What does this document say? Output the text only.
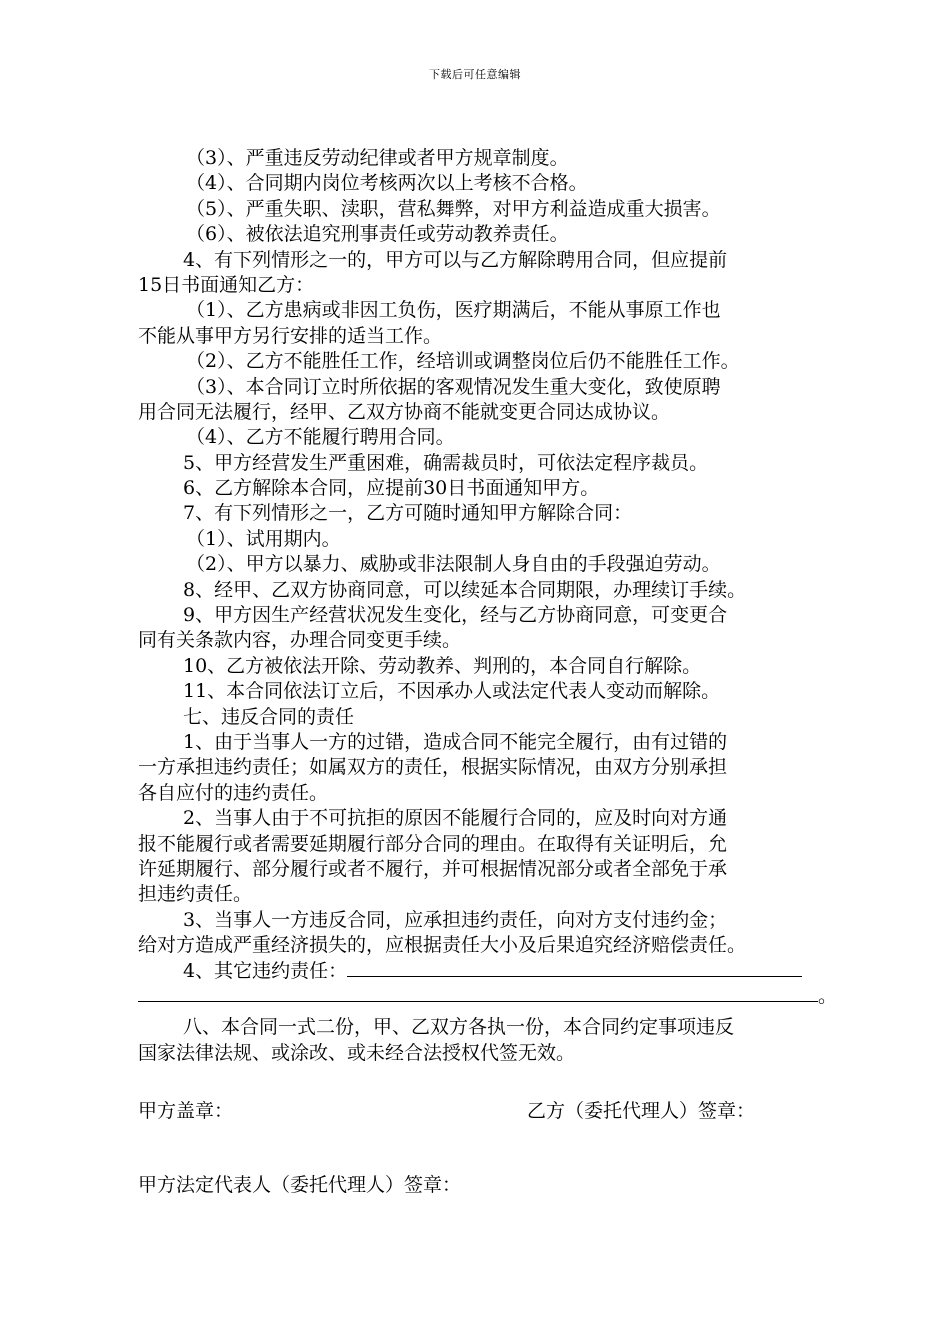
下载后可任意编辑
（3）、严重违反劳动纪律或者甲方规章制度。
（4）、合同期内岗位考核两次以上考核不合格。
（5）、严重失职、渎职，营私舞弊，对甲方利益造成重大损害。
（6）、被依法追究刑事责任或劳动教养责任。
4、有下列情形之一的，甲方可以与乙方解除聘用合同，但应提前
15日书面通知乙方：
（1）、乙方患病或非因工负伤，医疗期满后，不能从事原工作也
不能从事甲方另行安排的适当工作。
（2）、乙方不能胜任工作，经培训或调整岗位后仍不能胜任工作。
（3）、本合同订立时所依据的客观情况发生重大变化，致使原聘
用合同无法履行，经甲、乙双方协商不能就变更合同达成协议。
（4）、乙方不能履行聘用合同。
5、甲方经营发生严重困难，确需裁员时，可依法定程序裁员。
6、乙方解除本合同，应提前30日书面通知甲方。
7、有下列情形之一，乙方可随时通知甲方解除合同：
（1）、试用期内。
（2）、甲方以暴力、威胁或非法限制人身自由的手段强迫劳动。
8、经甲、乙双方协商同意，可以续延本合同期限，办理续订手续。
9、甲方因生产经营状况发生变化，经与乙方协商同意，可变更合
同有关条款内容，办理合同变更手续。
10、乙方被依法开除、劳动教养、判刑的，本合同自行解除。
11、本合同依法订立后，不因承办人或法定代表人变动而解除。
七、违反合同的责任
1、由于当事人一方的过错，造成合同不能完全履行，由有过错的
一方承担违约责任；如属双方的责任，根据实际情况，由双方分别承担
各自应付的违约责任。
2、当事人由于不可抗拒的原因不能履行合同的，应及时向对方通
报不能履行或者需要延期履行部分合同的理由。在取得有关证明后，允
许延期履行、部分履行或者不履行，并可根据情况部分或者全部免于承
担违约责任。
3、当事人一方违反合同，应承担违约责任，向对方支付违约金；
给对方造成严重经济损失的，应根据责任大小及后果追究经济赔偿责任。
4、其它违约责任：
。
八、本合同一式二份，甲、乙双方各执一份，本合同约定事项违反
国家法律法规、或涂改、或未经合法授权代签无效。
甲方盖章：	乙方（委托代理人）签章：
甲方法定代表人（委托代理人）签章：
